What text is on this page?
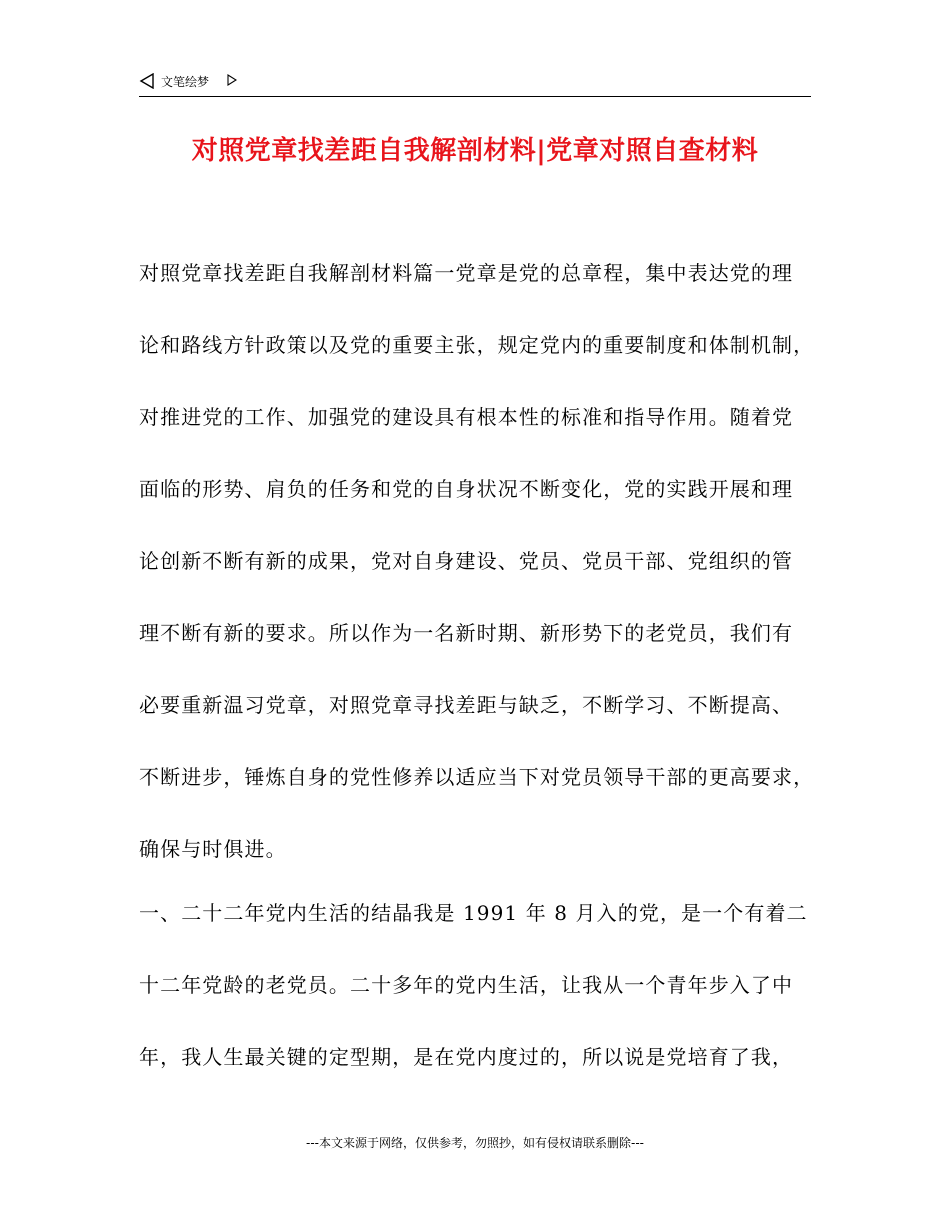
文笔绘梦
对照党章找差距自我解剖材料|党章对照自查材料
对照党章找差距自我解剖材料篇一党章是党的总章程，集中表达党的理
论和路线方针政策以及党的重要主张，规定党内的重要制度和体制机制，
对推进党的工作、加强党的建设具有根本性的标准和指导作用。随着党
面临的形势、肩负的任务和党的自身状况不断变化，党的实践开展和理
论创新不断有新的成果，党对自身建设、党员、党员干部、党组织的管
理不断有新的要求。所以作为一名新时期、新形势下的老党员，我们有
必要重新温习党章，对照党章寻找差距与缺乏，不断学习、不断提高、
不断进步，锤炼自身的党性修养以适应当下对党员领导干部的更高要求，
确保与时俱进。
一、二十二年党内生活的结晶我是 1991 年 8 月入的党，是一个有着二
十二年党龄的老党员。二十多年的党内生活，让我从一个青年步入了中
年，我人生最关键的定型期，是在党内度过的，所以说是党培育了我，
---本文来源于网络，仅供参考，勿照抄，如有侵权请联系删除---
